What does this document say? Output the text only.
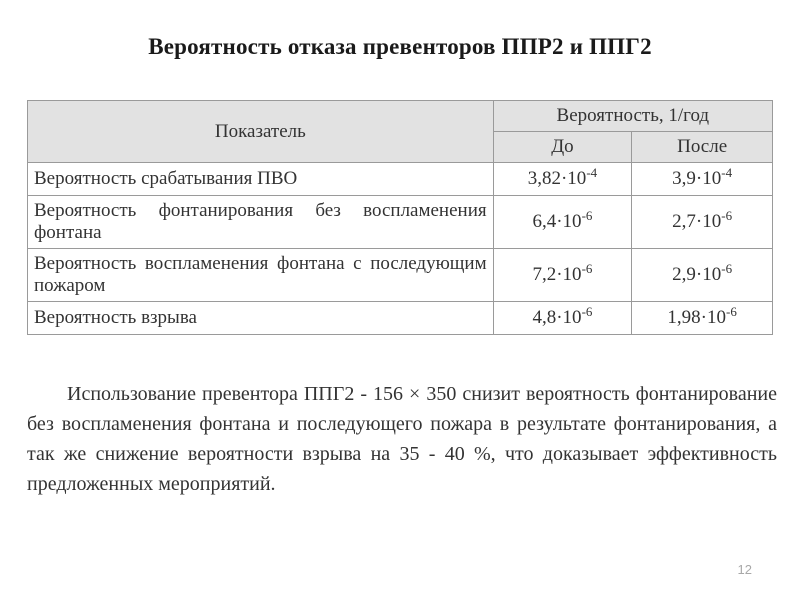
Вероятность отказа превенторов ППР2 и ППГ2
Показатель	Вероятность, 1/год	
	До	После
Вероятность срабатывания ПВО	$3,82\cdot 10^{-4}$	$3,9\cdot 10^{-4}$
Вероятность фонтанирования без воспламенения фонтана	$6,4\cdot 10^{-6}$	$2,7\cdot 10^{-6}$
Вероятность воспламенения фонтана с последующим пожаром	$7,2\cdot 10^{-6}$	$2,9\cdot 10^{-6}$
Вероятность взрыва	$4,8\cdot 10^{-6}$	$1,98\cdot 10^{-6}$

Использование превентора ППГ2 - 156 × 350 снизит вероятность фонтанирование без воспламенения фонтана и последующего пожара в результате фонтанирования, а так же снижение вероятности взрыва на 35 - 40 %, что доказывает эффективность предложенных мероприятий.

12
